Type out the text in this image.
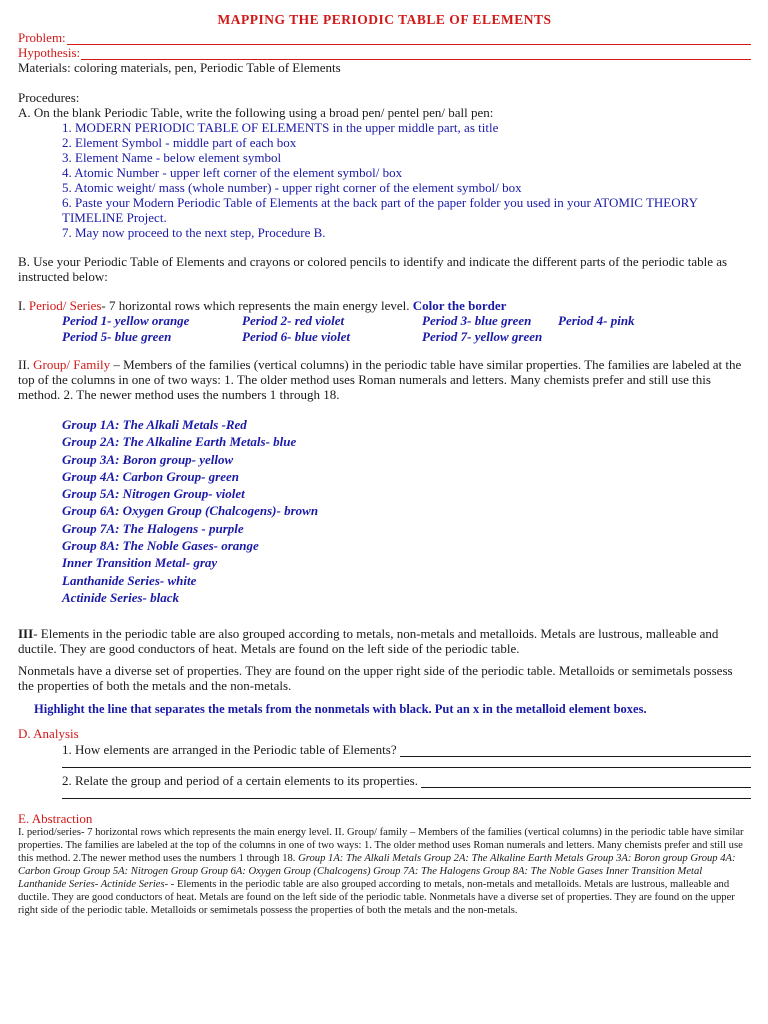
MAPPING THE PERIODIC TABLE OF ELEMENTS
Problem:
Hypothesis:

Materials: coloring materials, pen, Periodic Table of Elements

Procedures:

A. On the blank Periodic Table, write the following using a broad pen/ pentel pen/ ball pen:

1. MODERN PERIODIC TABLE OF ELEMENTS in the upper middle part, as title
2. Element Symbol - middle part of each box
3. Element Name - below element symbol
4. Atomic Number - upper left corner of the element symbol/ box
5. Atomic weight/ mass (whole number) - upper right corner of the element symbol/ box
6. Paste your Modern Periodic Table of Elements at the back part of the paper folder you used in your ATOMIC THEORY TIMELINE Project.
7. May now proceed to the next step, Procedure B.

B. Use your Periodic Table of Elements and crayons or colored pencils to identify and indicate the different parts of the periodic table as instructed below:

I. Period/ Series- 7 horizontal rows which represents the main energy level. Color the border

Period 1- yellow orange	Period 2- red violet	Period 3- blue green	Period 4- pink
Period 5- blue green	Period 6- blue violet	Period 7- yellow green

II. Group/ Family – Members of the families (vertical columns) in the periodic table have similar properties. The families are labeled at the top of the columns in one of two ways: 1. The older method uses Roman numerals and letters. Many chemists prefer and still use this method. 2. The newer method uses the numbers 1 through 18.

Group 1A: The Alkali Metals -Red
Group 2A: The Alkaline Earth Metals- blue
Group 3A: Boron group- yellow
Group 4A: Carbon Group- green
Group 5A: Nitrogen Group- violet
Group 6A: Oxygen Group (Chalcogens)- brown
Group 7A: The Halogens - purple
Group 8A: The Noble Gases- orange
Inner Transition Metal- gray
Lanthanide Series- white
Actinide Series- black

III- Elements in the periodic table are also grouped according to metals, non-metals and metalloids. Metals are lustrous, malleable and ductile. They are good conductors of heat. Metals are found on the left side of the periodic table.

Nonmetals have a diverse set of properties. They are found on the upper right side of the periodic table. Metalloids or semimetals possess the properties of both the metals and the non-metals.

Highlight the line that separates the metals from the nonmetals with black. Put an x in the metalloid element boxes.

D. Analysis

1. How elements are arranged in the Periodic table of Elements?
2. Relate the group and period of a certain elements to its properties.

E. Abstraction

I. period/series- 7 horizontal rows which represents the main energy level. II. Group/ family – Members of the families (vertical columns) in the periodic table have similar properties. The families are labeled at the top of the columns in one of two ways: 1. The older method uses Roman numerals and letters. Many chemists prefer and still use this method. 2.The newer method uses the numbers 1 through 18. Group 1A: The Alkali Metals Group 2A: The Alkaline Earth Metals Group 3A: Boron group Group 4A: Carbon Group Group 5A: Nitrogen Group Group 6A: Oxygen Group (Chalcogens) Group 7A: The Halogens Group 8A: The Noble Gases Inner Transition Metal Lanthanide Series- Actinide Series- - Elements in the periodic table are also grouped according to metals, non-metals and metalloids. Metals are lustrous, malleable and ductile. They are good conductors of heat. Metals are found on the left side of the periodic table. Nonmetals have a diverse set of properties. They are found on the upper right side of the periodic table. Metalloids or semimetals possess the properties of both the metals and the non-metals.
